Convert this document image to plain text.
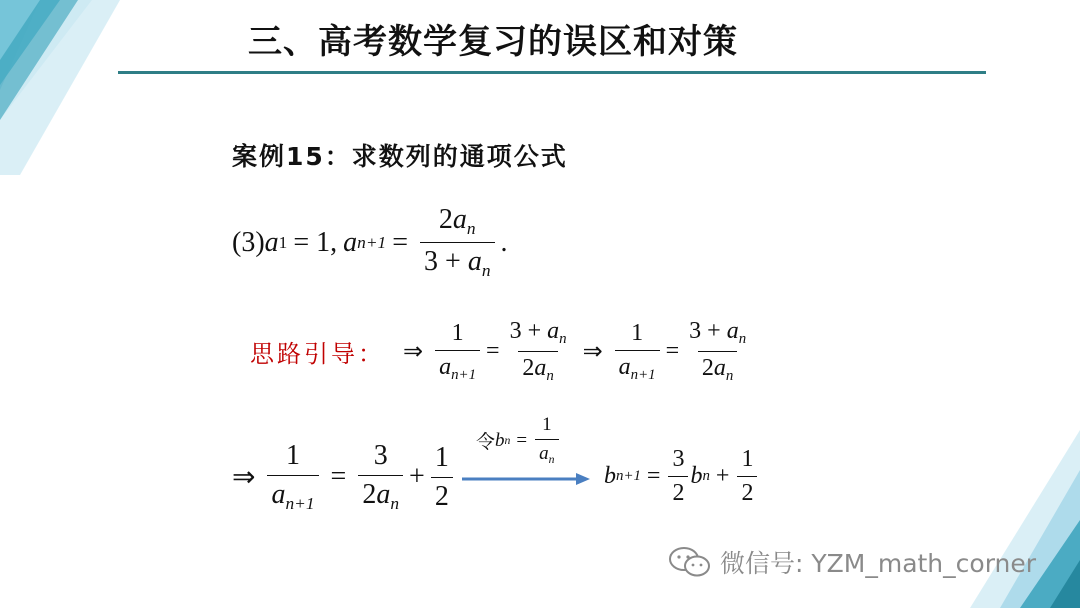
三、高考数学复习的误区和对策
案例15：求数列的通项公式
(3) a 1 = 1, a $n+1 = \frac{2a_n}{3 + a_n}$ .
思路引导： ⇒ $\frac{1}{a_{n+1}} = \frac{3 + a_n}{2a_n}$ ⇒ $\frac{1}{a_{n+1}} = \frac{3 + a_n}{2a_n}$
⇒ $\frac{1}{a_{n+1}} = \frac{3}{2a_n} + \frac{1}{2}$ 令 b $n = \frac{1}{a_n}$
b $n+1 = \frac{3}{2}$ b $n + \frac{1}{2}$
微信号: YZM_math_corner
